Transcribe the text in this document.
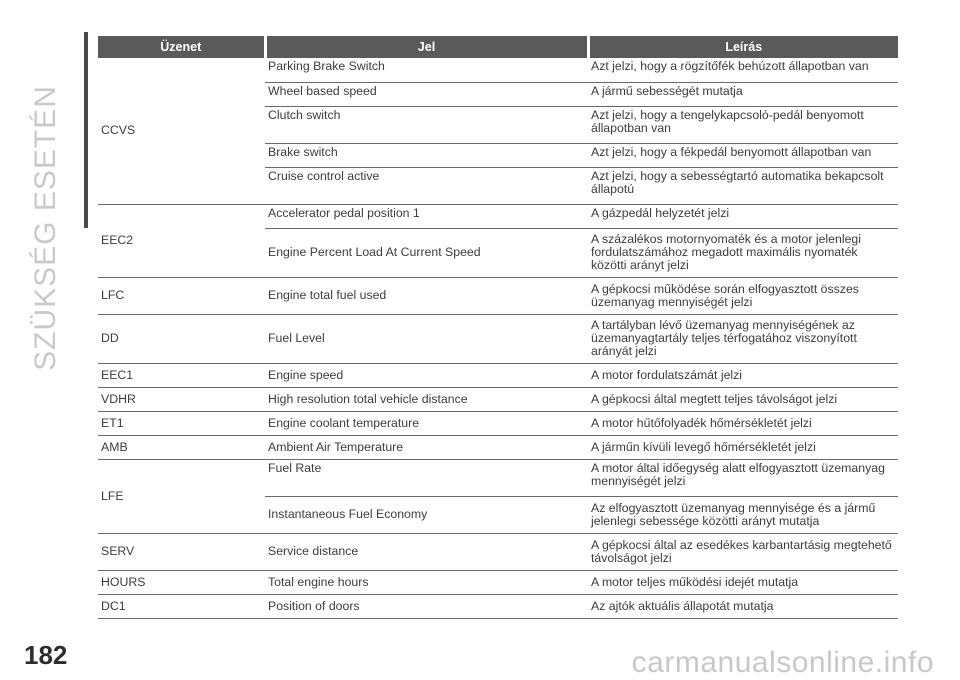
SZÜKSÉG ESETÉN
Üzenet	Jel	Leírás
CCVS	Parking Brake Switch	Azt jelzi, hogy a rögzítőfék behúzott állapotban van
	Wheel based speed	A jármű sebességét mutatja
	Clutch switch	Azt jelzi, hogy a tengelykapcsoló-pedál benyomott állapotban van
	Brake switch	Azt jelzi, hogy a fékpedál benyomott állapotban van
	Cruise control active	Azt jelzi, hogy a sebességtartó automatika bekapcsolt állapotú
EEC2	Accelerator pedal position 1	A gázpedál helyzetét jelzi
	Engine Percent Load At Current Speed	A százalékos motornyomaték és a motor jelenlegi fordulatszámához megadott maximális nyomaték közötti arányt jelzi
LFC	Engine total fuel used	A gépkocsi működése során elfogyasztott összes üzemanyag mennyiségét jelzi
DD	Fuel Level	A tartályban lévő üzemanyag mennyiségének az üzemanyagtartály teljes térfogatához viszonyított arányát jelzi
EEC1	Engine speed	A motor fordulatszámát jelzi
VDHR	High resolution total vehicle distance	A gépkocsi által megtett teljes távolságot jelzi
ET1	Engine coolant temperature	A motor hűtőfolyadék hőmérsékletét jelzi
AMB	Ambient Air Temperature	A járműn kívüli levegő hőmérsékletét jelzi
LFE	Fuel Rate	A motor által időegység alatt elfogyasztott üzemanyag mennyiségét jelzi
	Instantaneous Fuel Economy	Az elfogyasztott üzemanyag mennyisége és a jármű jelenlegi sebessége közötti arányt mutatja
SERV	Service distance	A gépkocsi által az esedékes karbantartásig megtehető távolságot jelzi
HOURS	Total engine hours	A motor teljes működési idejét mutatja
DC1	Position of doors	Az ajtók aktuális állapotát mutatja
182	carmanualsonline.info
